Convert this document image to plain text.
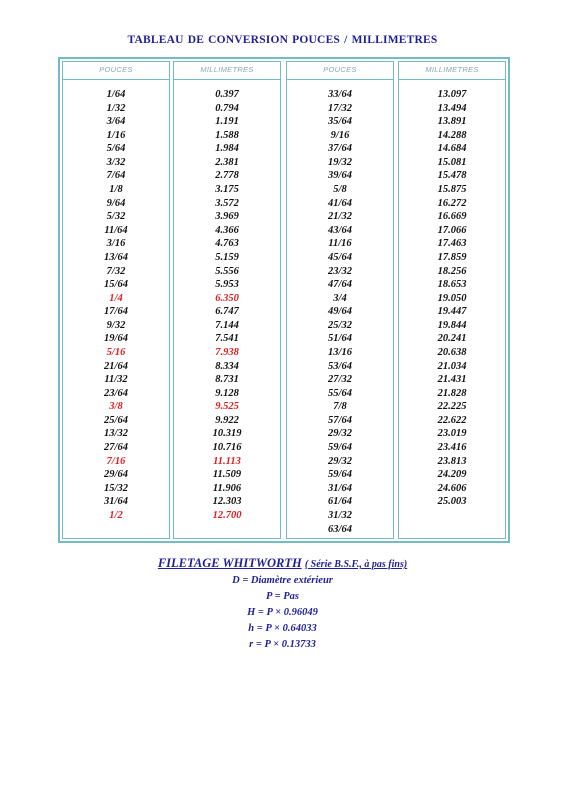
TABLEAU DE CONVERSION POUCES / MILLIMETRES
POUCES
1/64
1/32
3/64
1/16
5/64
3/32
7/64
1/8
9/64
5/32
11/64
3/16
13/64
7/32
15/64
1/4
17/64
9/32
19/64
5/16
21/64
11/32
23/64
3/8
25/64
13/32
27/64
7/16
29/64
15/32
31/64
1/2
MILLIMETRES
0.397
0.794
1.191
1.588
1.984
2.381
2.778
3.175
3.572
3.969
4.366
4.763
5.159
5.556
5.953
6.350
6.747
7.144
7.541
7.938
8.334
8.731
9.128
9.525
9.922
10.319
10.716
11.113
11.509
11.906
12.303
12.700
POUCES
33/64
17/32
35/64
9/16
37/64
19/32
39/64
5/8
41/64
21/32
43/64
11/16
45/64
23/32
47/64
3/4
49/64
25/32
51/64
13/16
53/64
27/32
55/64
7/8
57/64
29/32
59/64
29/32
59/64
31/64
61/64
31/32
63/64
MILLIMETRES
13.097
13.494
13.891
14.288
14.684
15.081
15.478
15.875
16.272
16.669
17.066
17.463
17.859
18.256
18.653
19.050
19.447
19.844
20.241
20.638
21.034
21.431
21.828
22.225
22.622
23.019
23.416
23.813
24.209
24.606
25.003
FILETAGE WHITWORTH ( Série B.S.F., à pas fins)
D = Diamètre extérieur
P = Pas
H = P × 0.96049
h = P × 0.64033
r = P × 0.13733
